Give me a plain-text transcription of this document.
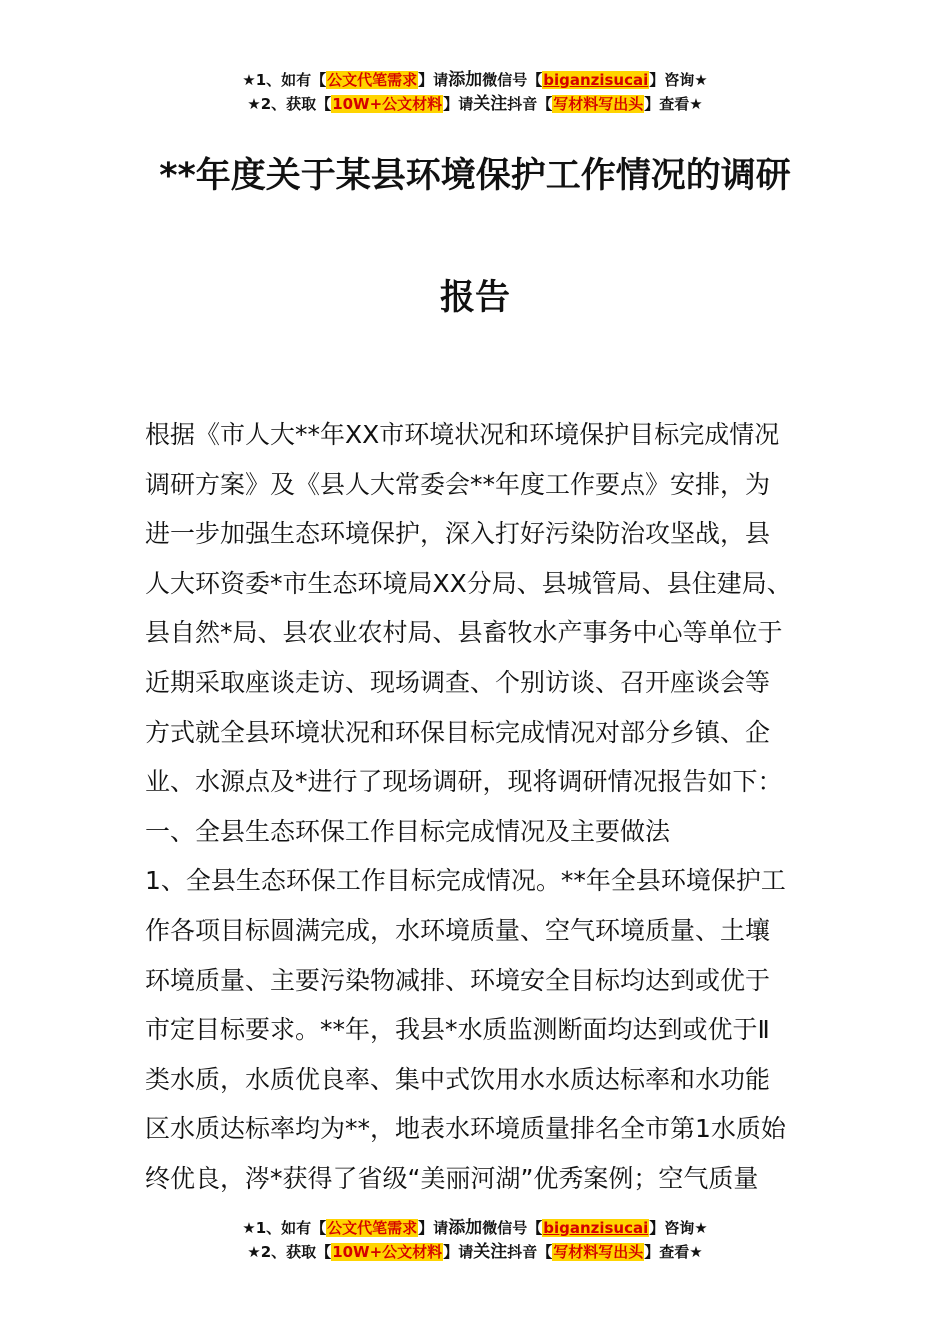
★1、如有【公文代笔需求】请添加微信号【biganzisucai】咨询★
★2、获取【10W+公文材料】请关注抖音【写材料写出头】查看★
**年度关于某县环境保护工作情况的调研
报告

根据《市人大**年XX市环境状况和环境保护目标完成情况

调研方案》及《县人大常委会**年度工作要点》安排，为

进一步加强生态环境保护，深入打好污染防治攻坚战，县

人大环资委*市生态环境局XX分局、县城管局、县住建局、

县自然*局、县农业农村局、县畜牧水产事务中心等单位于

近期采取座谈走访、现场调查、个别访谈、召开座谈会等

方式就全县环境状况和环保目标完成情况对部分乡镇、企

业、水源点及*进行了现场调研，现将调研情况报告如下：

一、全县生态环保工作目标完成情况及主要做法

1、全县生态环保工作目标完成情况。**年全县环境保护工

作各项目标圆满完成，水环境质量、空气环境质量、土壤

环境质量、主要污染物减排、环境安全目标均达到或优于

市定目标要求。**年，我县*水质监测断面均达到或优于Ⅱ

类水质，水质优良率、集中式饮用水水质达标率和水功能

区水质达标率均为**，地表水环境质量排名全市第1水质始

终优良，涔*获得了省级“美丽河湖”优秀案例；空气质量

★1、如有【公文代笔需求】请添加微信号【biganzisucai】咨询★
★2、获取【10W+公文材料】请关注抖音【写材料写出头】查看★
